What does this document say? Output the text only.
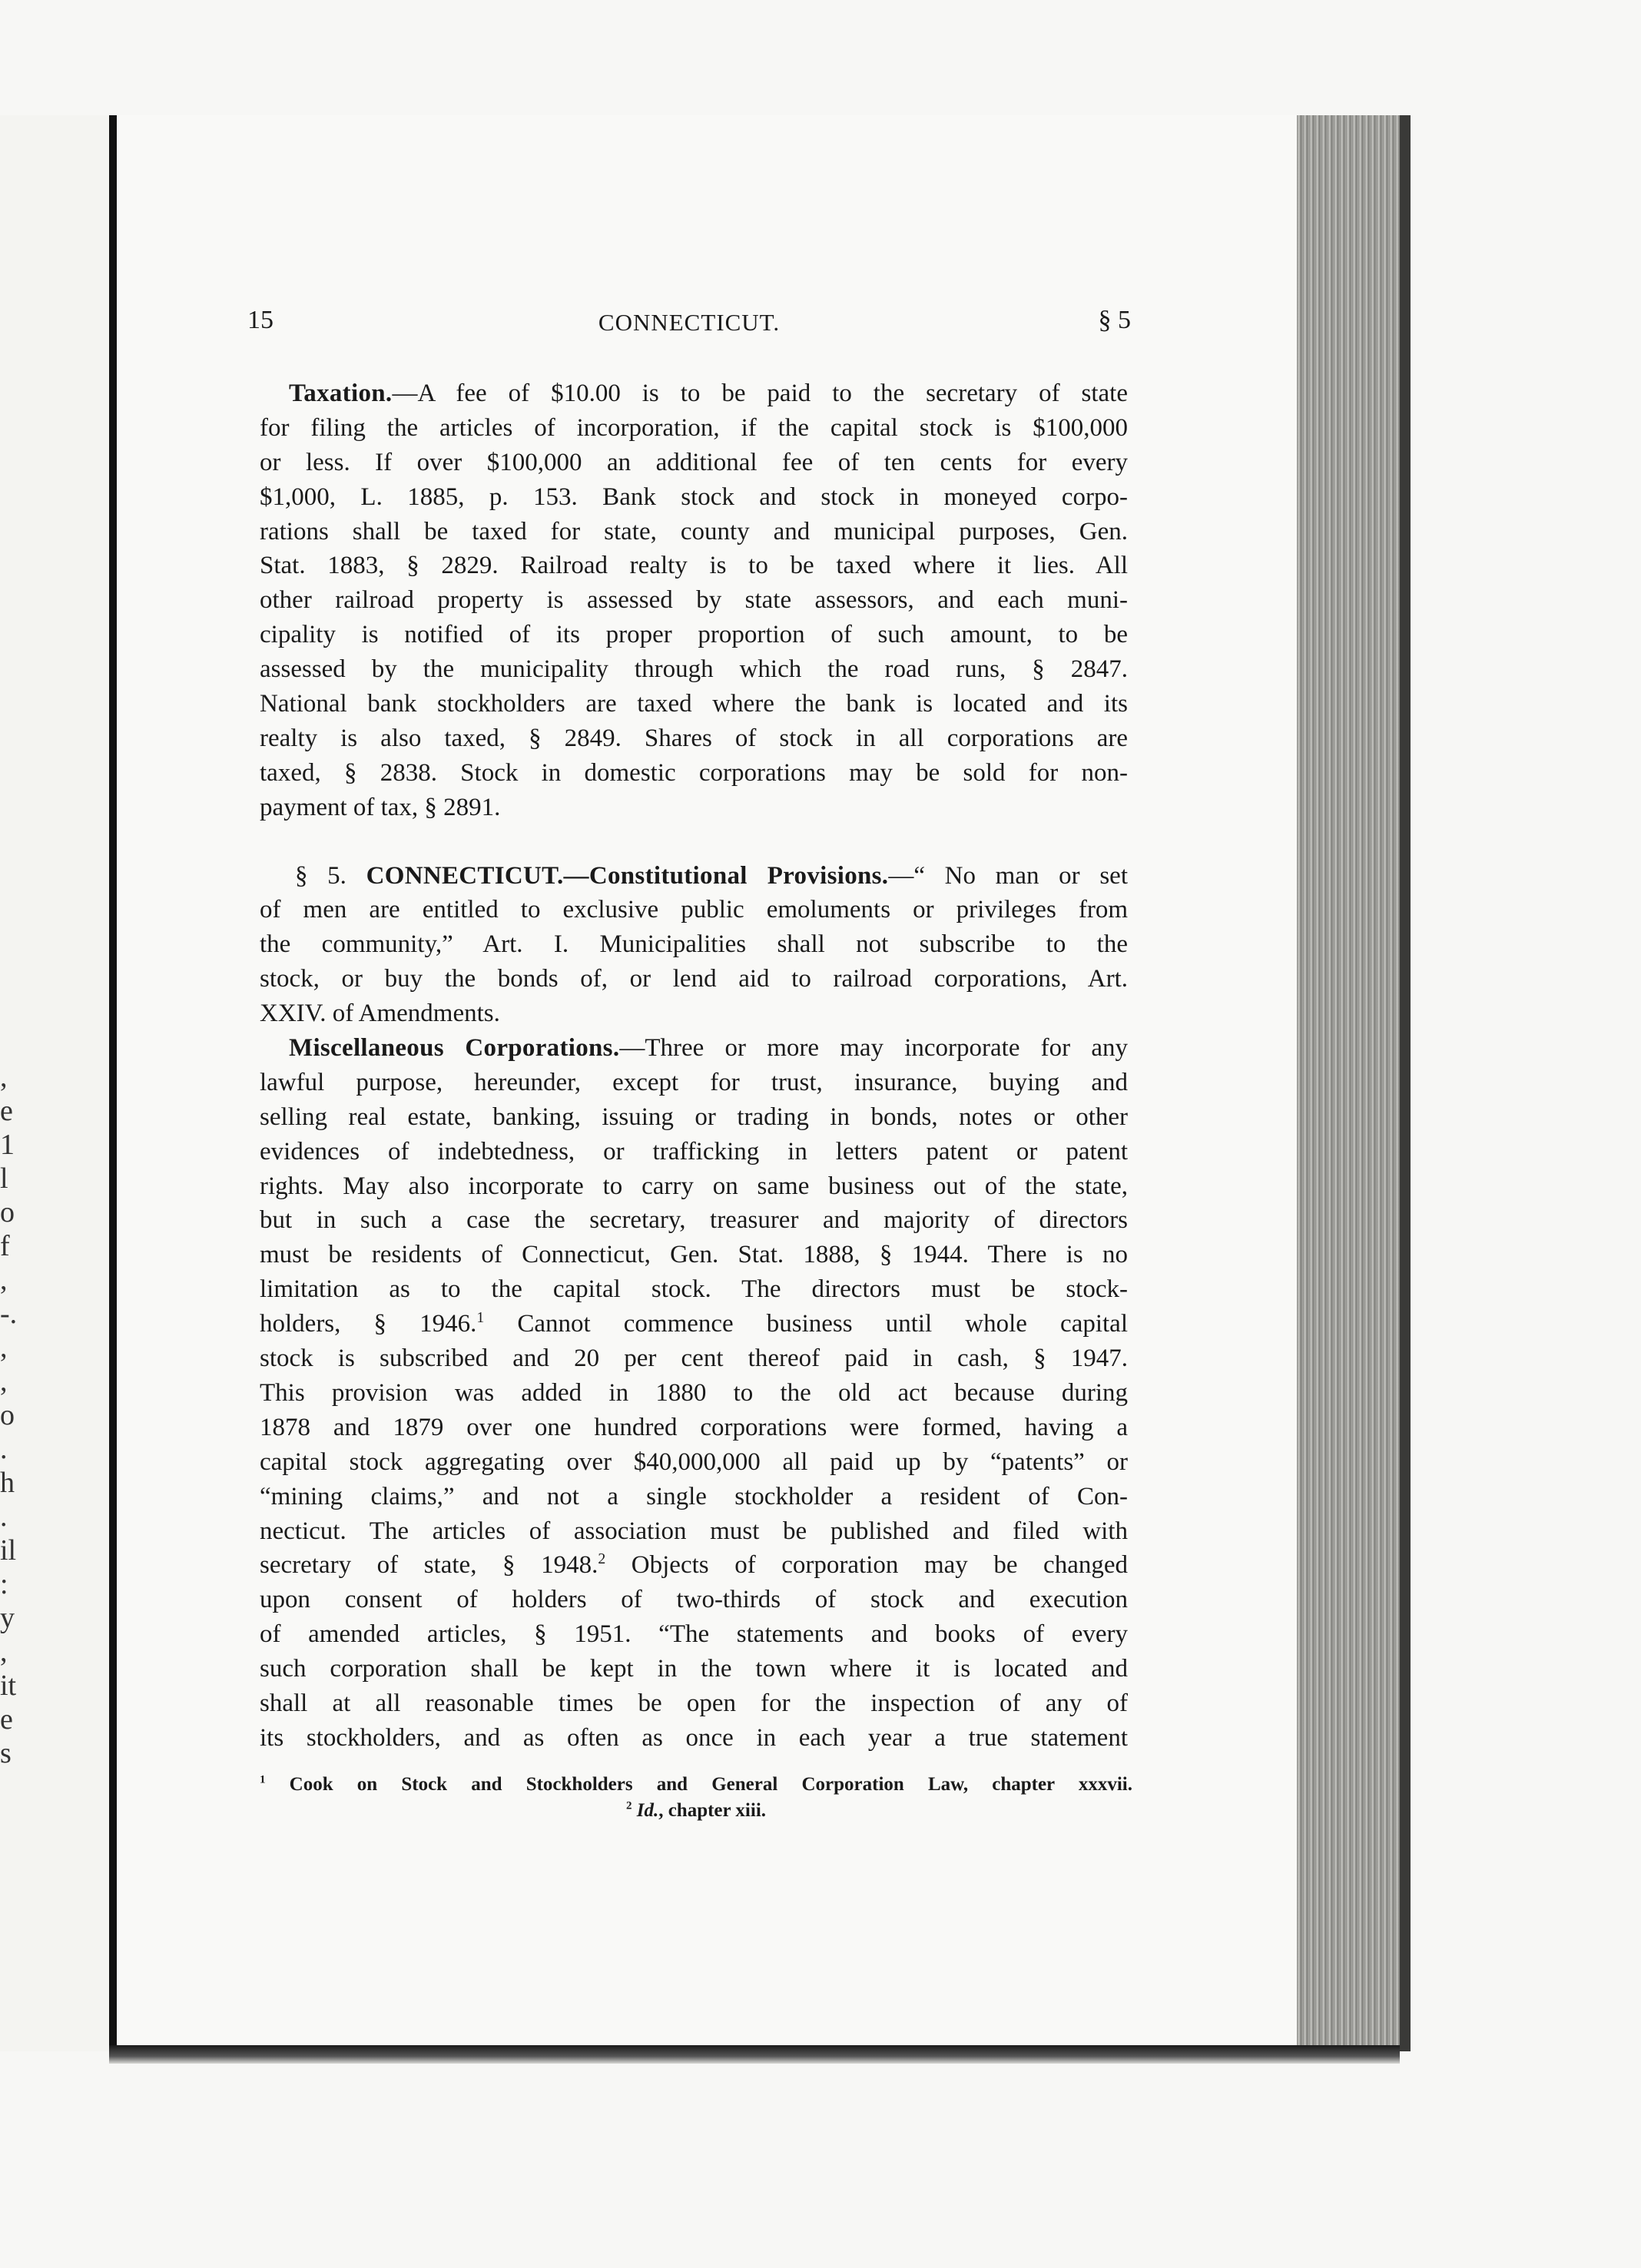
,
e
1
l
o
f
,
-.
,
,
o
.
h
.
il
:
y
,
it
e
s
15	CONNECTICUT.	§ 5
Taxation.—A fee of $10.00 is to be paid to the secretary of state
for filing the articles of incorporation, if the capital stock is $100,000
or less. If over $100,000 an additional fee of ten cents for every
$1,000, L. 1885, p. 153. Bank stock and stock in moneyed corpo-
rations shall be taxed for state, county and municipal purposes, Gen.
Stat. 1883, § 2829. Railroad realty is to be taxed where it lies. All
other railroad property is assessed by state assessors, and each muni-
cipality is notified of its proper proportion of such amount, to be
assessed by the municipality through which the road runs, § 2847.
National bank stockholders are taxed where the bank is located and its
realty is also taxed, § 2849. Shares of stock in all corporations are
taxed, § 2838. Stock in domestic corporations may be sold for non-
payment of tax, § 2891.
§ 5. CONNECTICUT.—Constitutional Provisions.—“ No man or set
of men are entitled to exclusive public emoluments or privileges from
the community,” Art. I. Municipalities shall not subscribe to the
stock, or buy the bonds of, or lend aid to railroad corporations, Art.
XXIV. of Amendments.
Miscellaneous Corporations.—Three or more may incorporate for any
lawful purpose, hereunder, except for trust, insurance, buying and
selling real estate, banking, issuing or trading in bonds, notes or other
evidences of indebtedness, or trafficking in letters patent or patent
rights. May also incorporate to carry on same business out of the state,
but in such a case the secretary, treasurer and majority of directors
must be residents of Connecticut, Gen. Stat. 1888, § 1944. There is no
limitation as to the capital stock. The directors must be stock-
holders, § 1946.$^1$ Cannot commence business until whole capital
stock is subscribed and 20 per cent thereof paid in cash, § 1947.
This provision was added in 1880 to the old act because during
1878 and 1879 over one hundred corporations were formed, having a
capital stock aggregating over $40,000,000 all paid up by “patents” or
“mining claims,” and not a single stockholder a resident of Con-
necticut. The articles of association must be published and filed with
secretary of state, § 1948.$^2$ Objects of corporation may be changed
upon consent of holders of two-thirds of stock and execution
of amended articles, § 1951. “The statements and books of every
such corporation shall be kept in the town where it is located and
shall at all reasonable times be open for the inspection of any of
its stockholders, and as often as once in each year a true statement
$^1$ Cook on Stock and Stockholders and General Corporation Law, chapter xxxvii.
$^2$ Id., chapter xiii.
